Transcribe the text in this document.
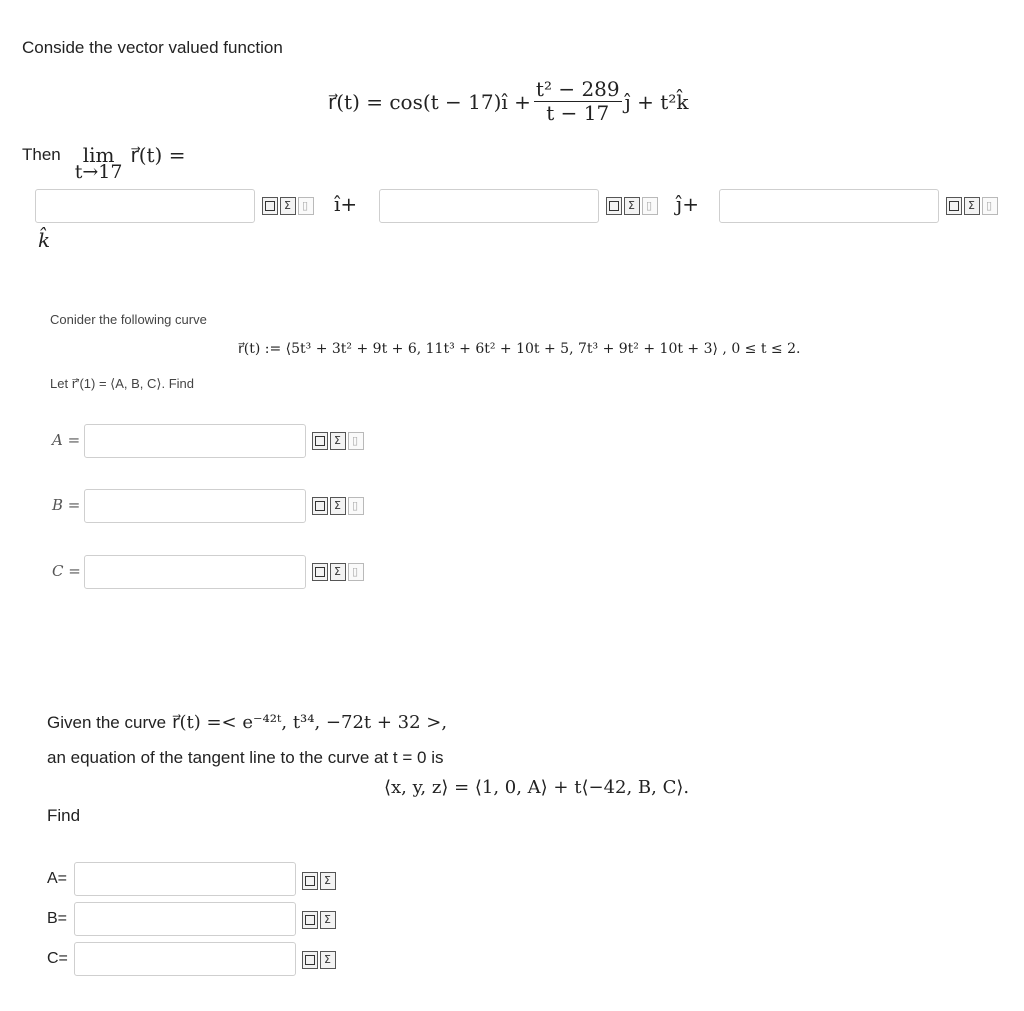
Conside the vector valued function
r⃗(t) = cos(t − 17)î + $\frac{\text{t² − 289}}{t - 17}$ ĵ + t²k̂
Then lim
t→17
r⃗(t) =
Σ ▯ î+	Σ ▯ ĵ+	Σ ▯
k̂
Conider the following curve
r⃗(t) := ⟨5t³ + 3t² + 9t + 6, 11t³ + 6t² + 10t + 5, 7t³ + 9t² + 10t + 3⟩ , 0 ≤ t ≤ 2.
Let r⃗′(1) = ⟨A, B, C⟩. Find
A =	Σ ▯
B =	Σ ▯
C =	Σ ▯
Given the curve r⃗(t) =< e⁻⁴²ᵗ, t³⁴, −72t + 32 >,
an equation of the tangent line to the curve at t = 0 is
⟨x, y, z⟩ = ⟨1, 0, A⟩ + t⟨−42, B, C⟩.
Find
A=	Σ
B=	Σ
C=	Σ
